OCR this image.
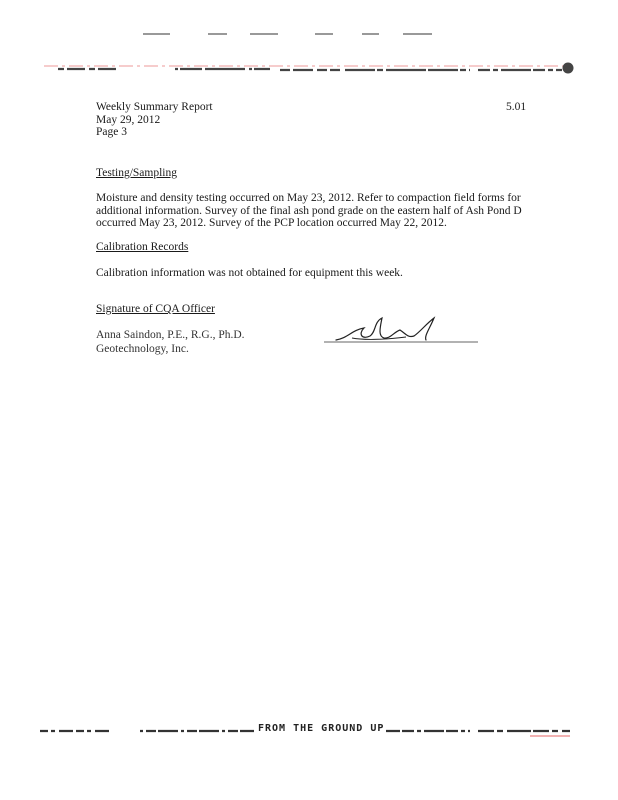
Weekly Summary Report
May 29, 2012
Page 3
5.01
Testing/Sampling
Moisture and density testing occurred on May 23, 2012. Refer to compaction field forms for
additional information. Survey of the final ash pond grade on the eastern half of Ash Pond D
occurred May 23, 2012. Survey of the PCP location occurred May 22, 2012.
Calibration Records
Calibration information was not obtained for equipment this week.
Signature of CQA Officer
Anna Saindon, P.E., R.G., Ph.D.
Geotechnology, Inc.
FROM THE GROUND UP
